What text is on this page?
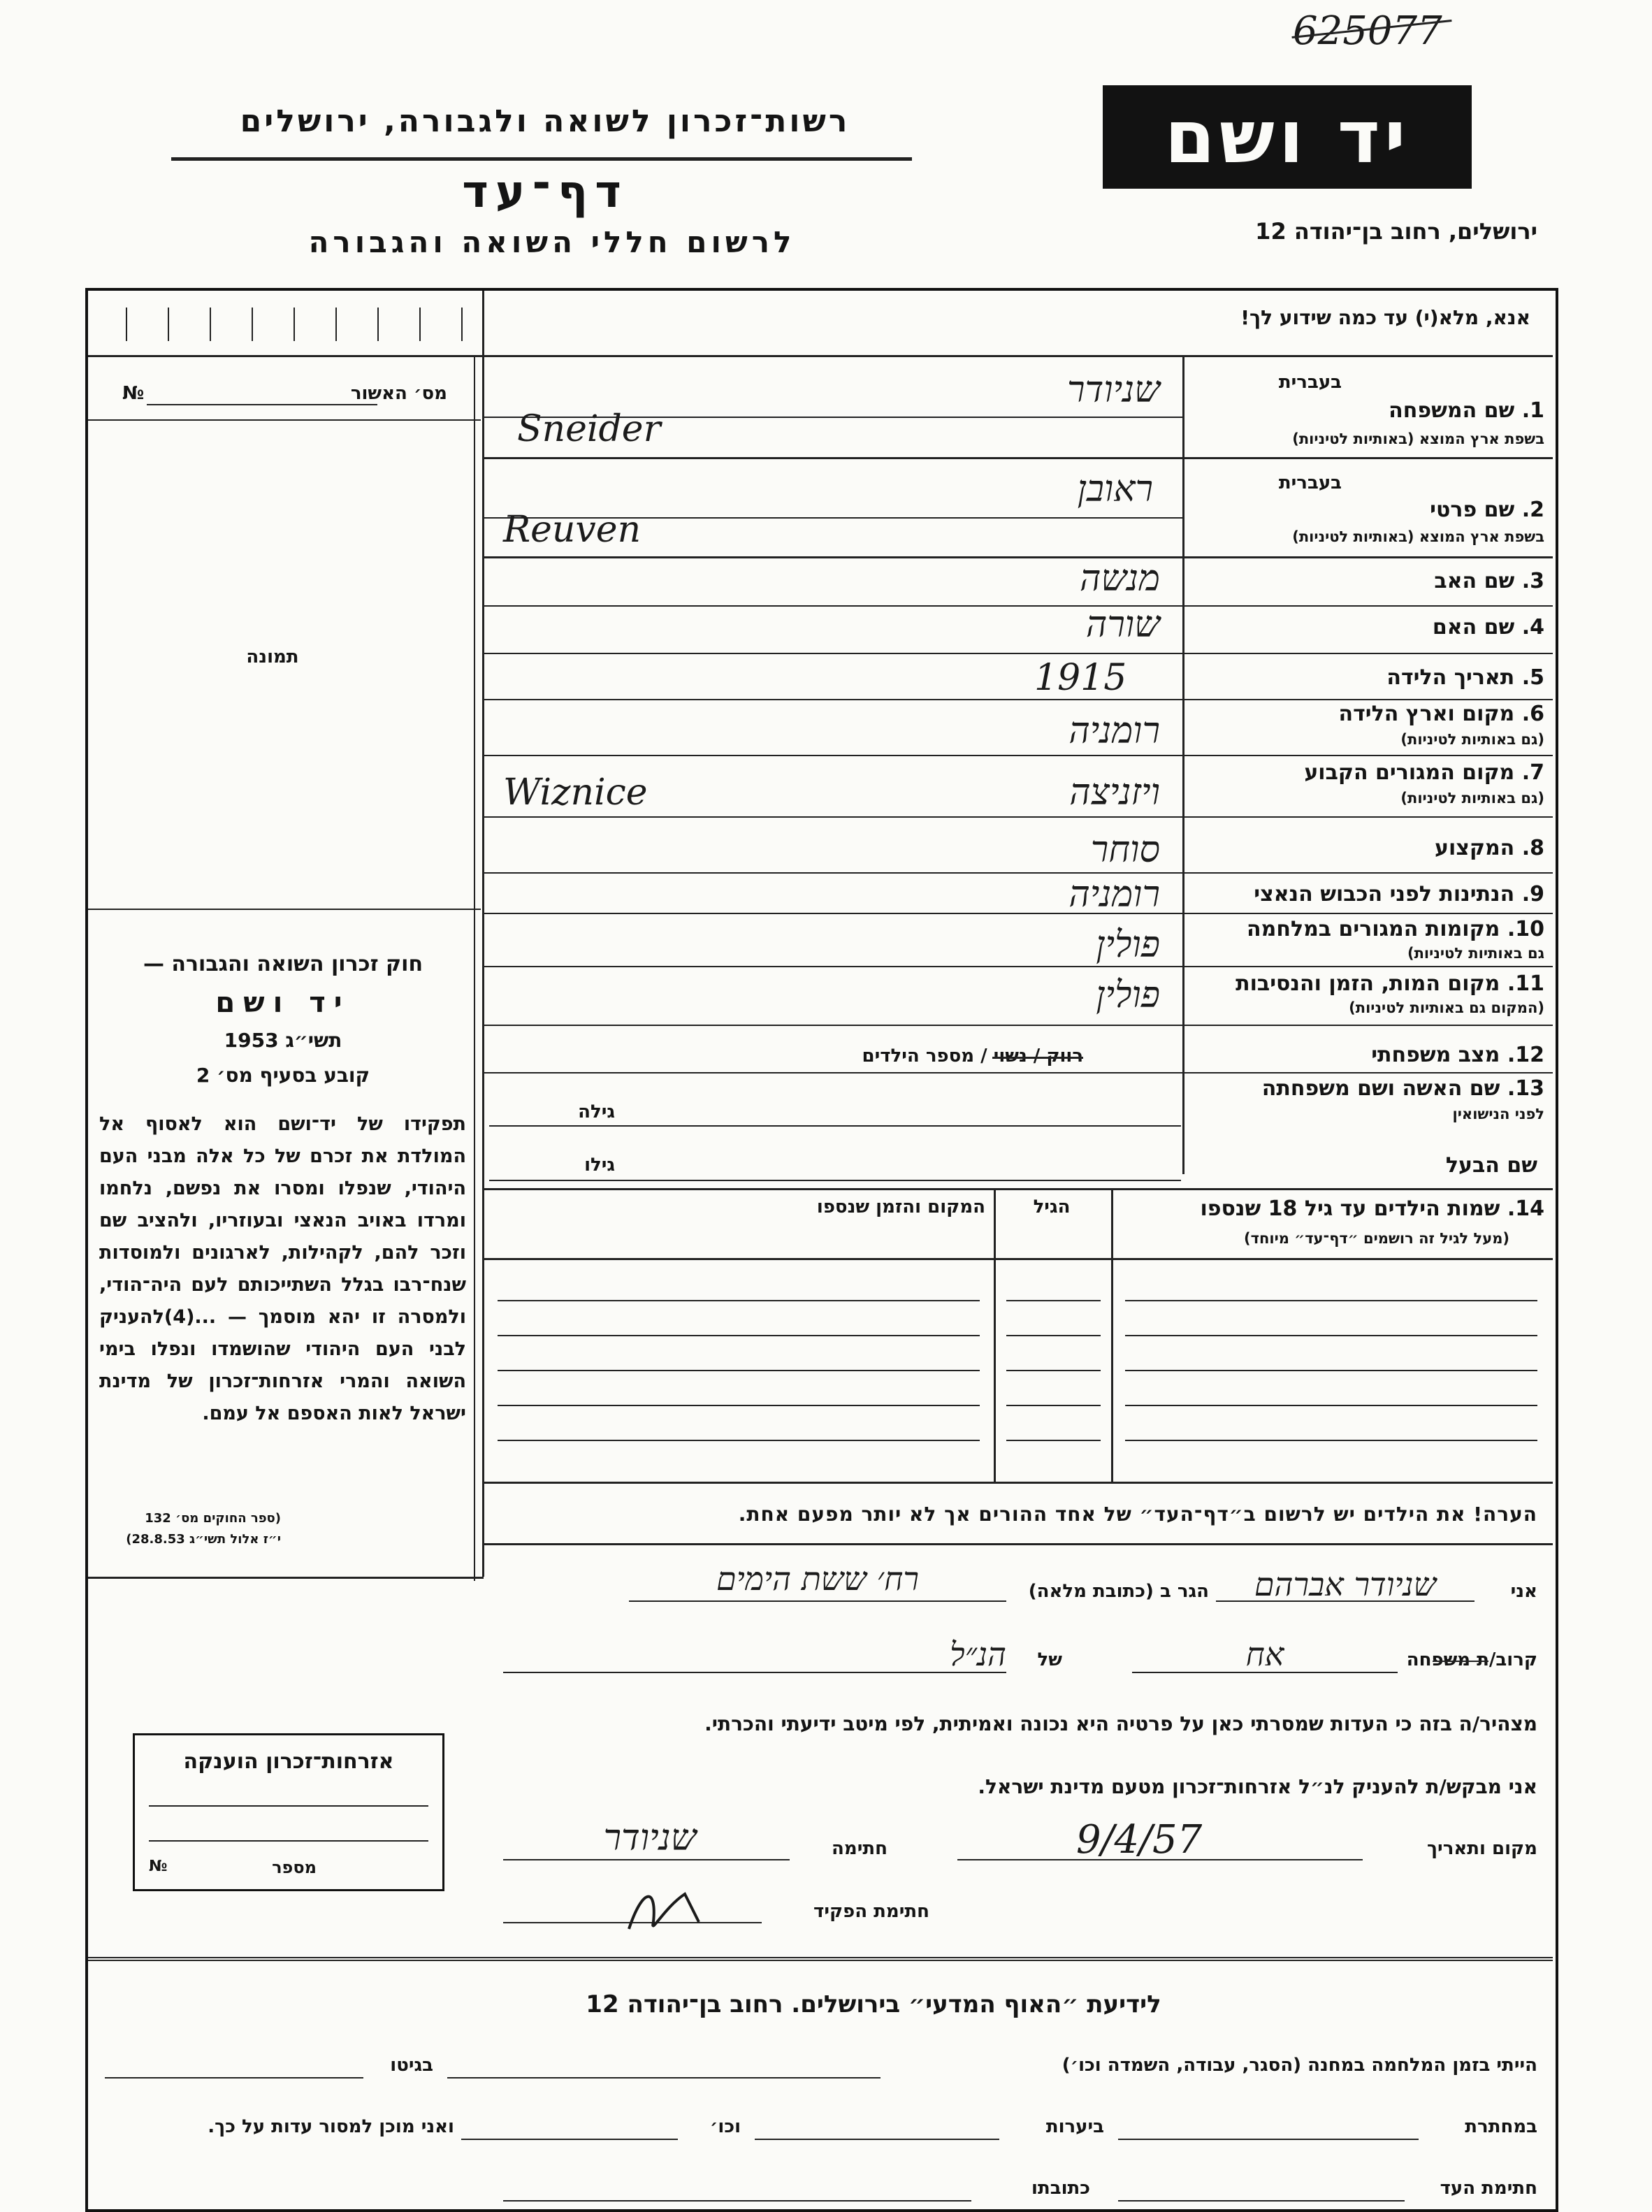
625077
רשות־זכרון לשואה ולגבורה, ירושלים
דף־עד
לרשום חללי השואה והגבורה
יד ושם
ירושלים, רחוב בן־יהודה 12
אנא, מלא(י) עד כמה שידוע לך!
מס׳ האשור
№
תמונה
חוק זכרון השואה והגבורה —
יד ושם
תשי״ג 1953
קובע בסעיף מס׳ 2
תפקידו של יד־ושם הוא לאסוף אל המולדת את זכרם של כל אלה מבני העם היהודי, שנפלו ומסרו את נפשם, נלחמו ומרדו באויב הנאצי ובעוזריו, ולהציב שם וזכר להם, לקהילות, לארגונים ולמוסדות שנח־רבו בגלל השתייכותם לעם היה־הודי, ולמסרה זו יהא מוסמך — ...(4)להעניק לבני העם היהודי שהושמדו ונפלו בימי השואה והמרי אזרחות־זכרון של מדינת ישראל לאות האספם אל עמם.
(ספר החוקים מס׳ 132
י״ז אלול תשי״ג 28.8.53)
בעברית
1. שם המשפחה
בשפת ארץ המוצא (באותיות לטיניות)
שניודר
Sneider
בעברית
2. שם פרטי
בשפת ארץ המוצא (באותיות לטיניות)
ראובן
Reuven
3. שם האב
מנשה
4. שם האם
שורה
5. תאריך הלידה
1915
6. מקום וארץ הלידה
(גם באותיות לטיניות)
רומניה
7. מקום המגורים הקבוע
(גם באותיות לטיניות)
ויזניצה
Wiznice
8. המקצוע
סוחר
9. הנתינות לפני הכבוש הנאצי
רומניה
10. מקומות המגורים במלחמה
גם באותיות לטיניות)
פולין
11. מקום המות, הזמן והנסיבות
(המקום גם באותיות לטיניות)
פולין
12. מצב משפחתי
רווק / נשוי / מספר הילדים
13. שם האשה ושם משפחתה
לפני הנישואין
גילה
שם הבעל
גילו
14. שמות הילדים עד גיל 18 שנספו
(מעל לגיל זה רושמים ״דף־עד״ מיוחד)
הגיל
המקום והזמן שנספו
הערה! את הילדים יש לרשום ב״דף־העד״ של אחד ההורים אך לא יותר מפעם אחת.
אני
שניודר אברהם
הגר ב (כתובת מלאה)
רח׳ ששת הימים
קרוב/ת משפחה
אח
של
הנ״ל
מצהיר/ה בזה כי העדות שמסרתי כאן על פרטיה היא נכונה ואמיתית, לפי מיטב ידיעתי והכרתי.
אני מבקש/ת להעניק לנ״ל אזרחות־זכרון מטעם מדינת ישראל.
מקום ותאריך
9/4/57
חתימה
שניודר
חתימת הפקיד
אזרחות־זכרון הוענקה
מספר
№
לידיעת ״האוף המדעי״ בירושלים. רחוב בן־יהודה 12
הייתי בזמן המלחמה במחנה (הסגר, עבודה, השמדה וכו׳)
בגיטו
במחתרת
ביערות
וכו׳
ואני מוכן למסור עדות על כך.
חתימת העד
כתובתו
